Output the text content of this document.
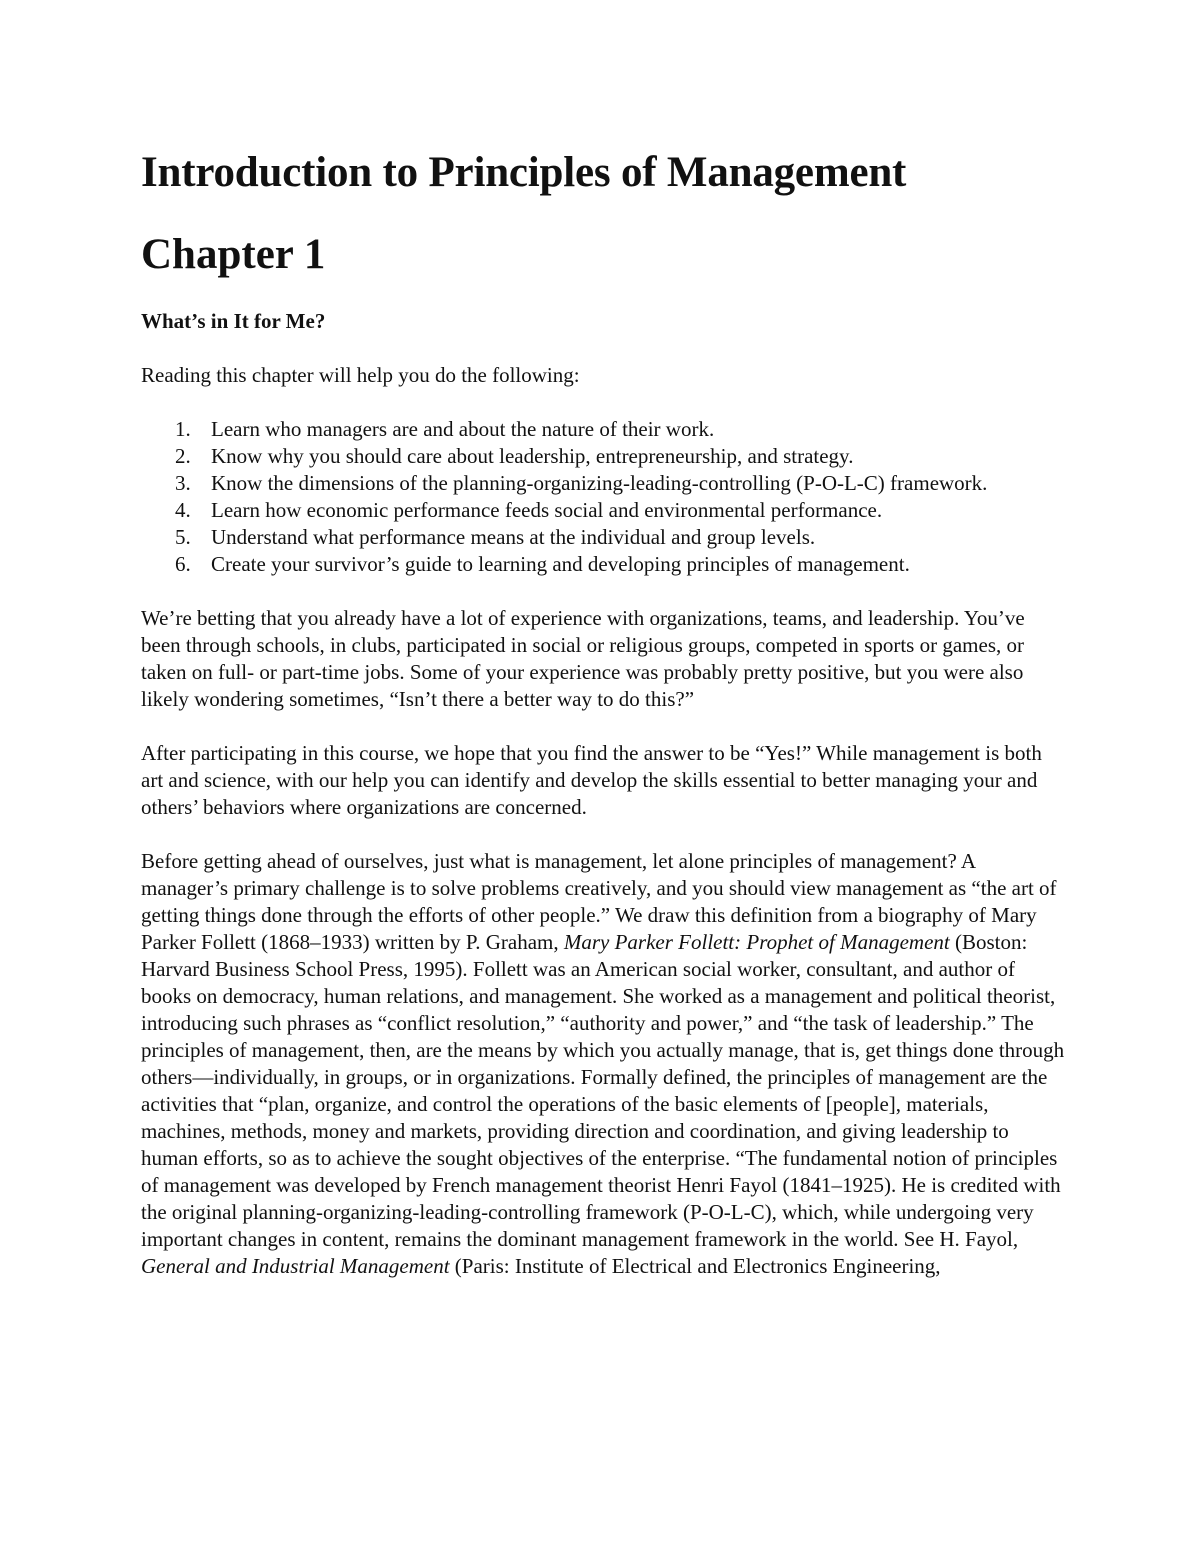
Introduction to Principles of Management
Chapter 1
What’s in It for Me?

Reading this chapter will help you do the following:

1. Learn who managers are and about the nature of their work.
2. Know why you should care about leadership, entrepreneurship, and strategy.
3. Know the dimensions of the planning-organizing-leading-controlling (P-O-L-C) framework.
4. Learn how economic performance feeds social and environmental performance.
5. Understand what performance means at the individual and group levels.
6. Create your survivor’s guide to learning and developing principles of management.

We’re betting that you already have a lot of experience with organizations, teams, and leadership. You’ve been through schools, in clubs, participated in social or religious groups, competed in sports or games, or taken on full- or part-time jobs. Some of your experience was probably pretty positive, but you were also likely wondering sometimes, “Isn’t there a better way to do this?”

After participating in this course, we hope that you find the answer to be “Yes!” While management is both art and science, with our help you can identify and develop the skills essential to better managing your and others’ behaviors where organizations are concerned.

Before getting ahead of ourselves, just what is management, let alone principles of management? A manager’s primary challenge is to solve problems creatively, and you should view management as “the art of getting things done through the efforts of other people.” We draw this definition from a biography of Mary Parker Follett (1868–1933) written by P. Graham, Mary Parker Follett: Prophet of Management (Boston: Harvard Business School Press, 1995). Follett was an American social worker, consultant, and author of books on democracy, human relations, and management. She worked as a management and political theorist, introducing such phrases as “conflict resolution,” “authority and power,” and “the task of leadership.” The principles of management, then, are the means by which you actually manage, that is, get things done through others—individually, in groups, or in organizations. Formally defined, the principles of management are the activities that “plan, organize, and control the operations of the basic elements of [people], materials, machines, methods, money and markets, providing direction and coordination, and giving leadership to human efforts, so as to achieve the sought objectives of the enterprise. “The fundamental notion of principles of management was developed by French management theorist Henri Fayol (1841–1925). He is credited with the original planning-organizing-leading-controlling framework (P-O-L-C), which, while undergoing very important changes in content, remains the dominant management framework in the world. See H. Fayol, General and Industrial Management (Paris: Institute of Electrical and Electronics Engineering,
